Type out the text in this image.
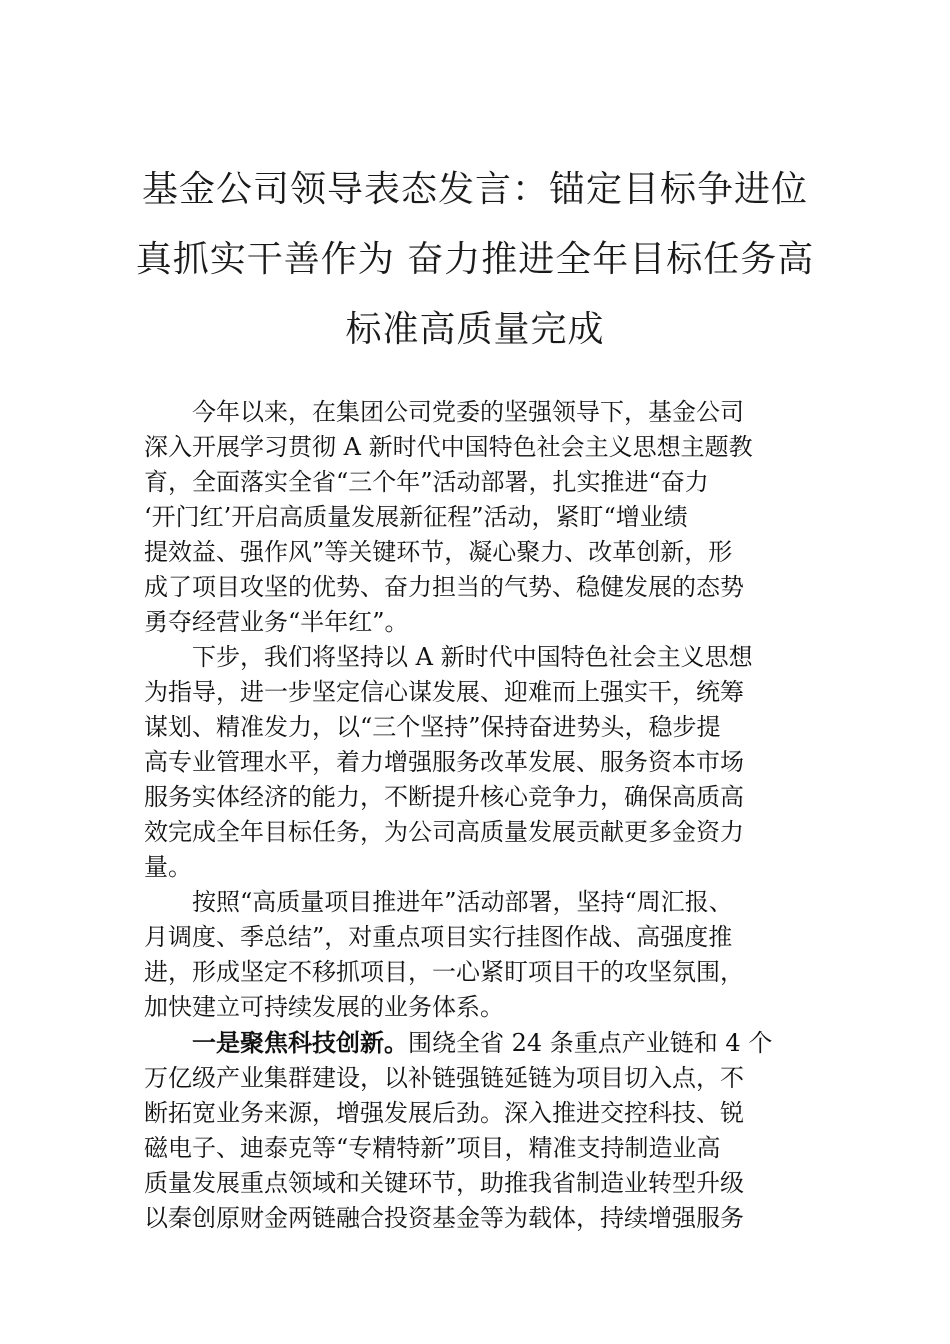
基金公司领导表态发言：锚定目标争进位
真抓实干善作为 奋力推进全年目标任务高
标准高质量完成

今年以来，在集团公司党委的坚强领导下，基金公司
深入开展学习贯彻 A 新时代中国特色社会主义思想主题教
育，全面落实全省“三个年”活动部署，扎实推进“奋力
‘开门红’开启高质量发展新征程”活动，紧盯“增业绩
提效益、强作风”等关键环节，凝心聚力、改革创新，形
成了项目攻坚的优势、奋力担当的气势、稳健发展的态势
勇夺经营业务“半年红”。

下步，我们将坚持以 A 新时代中国特色社会主义思想
为指导，进一步坚定信心谋发展、迎难而上强实干，统筹
谋划、精准发力，以“三个坚持”保持奋进势头，稳步提
高专业管理水平，着力增强服务改革发展、服务资本市场
服务实体经济的能力，不断提升核心竞争力，确保高质高
效完成全年目标任务，为公司高质量发展贡献更多金资力
量。

按照“高质量项目推进年”活动部署，坚持“周汇报、
月调度、季总结”，对重点项目实行挂图作战、高强度推
进，形成坚定不移抓项目，一心紧盯项目干的攻坚氛围，
加快建立可持续发展的业务体系。

一是聚焦科技创新。围绕全省 24 条重点产业链和 4 个
万亿级产业集群建设，以补链强链延链为项目切入点，不
断拓宽业务来源，增强发展后劲。深入推进交控科技、锐
磁电子、迪泰克等“专精特新”项目，精准支持制造业高
质量发展重点领域和关键环节，助推我省制造业转型升级
以秦创原财金两链融合投资基金等为载体，持续增强服务
